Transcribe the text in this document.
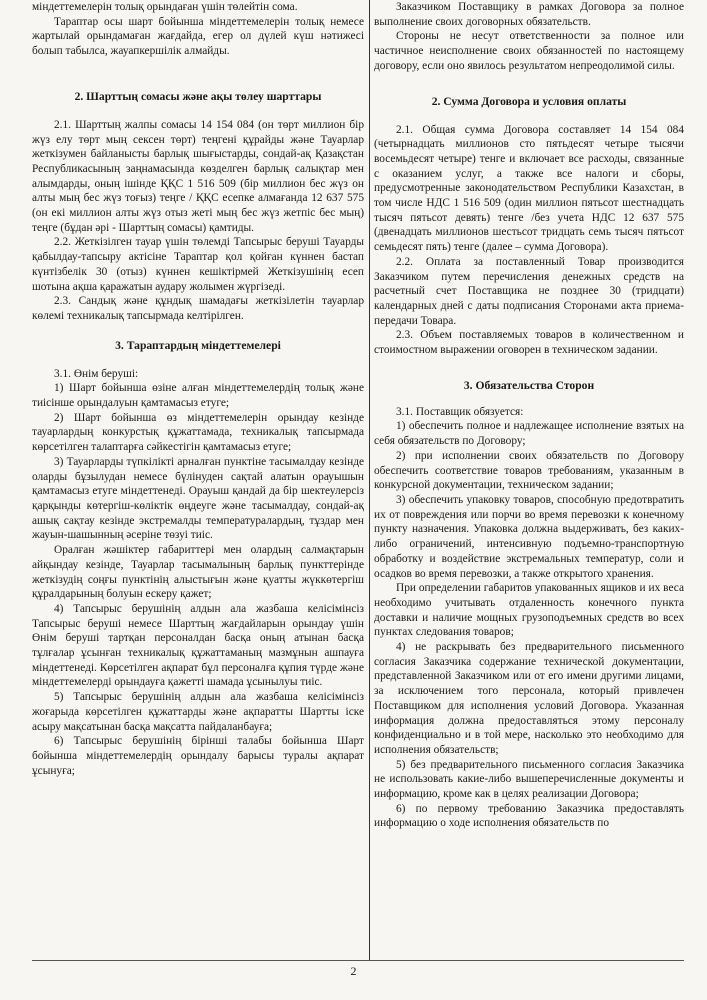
міндеттемелерін толық орындаған үшін төлейтін сома.

Тараптар осы шарт бойынша міндеттемелерін толық немесе жартылай орындамаған жағдайда, егер ол дүлей күш нәтижесі болып табылса, жауапкершілік алмайды.

2. Шарттың сомасы және ақы төлеу шарттары

2.1. Шарттың жалпы сомасы 14 154 084 (он төрт миллион бір жүз елу төрт мың сексен төрт) теңгені құрайды және Тауарлар жеткізумен байланысты барлық шығыстарды, сондай-ақ Қазақстан Республикасының заңнамасында көзделген барлық салықтар мен алымдарды, оның ішінде ҚҚС 1 516 509 (бір миллион бес жүз он алты мың бес жүз тоғыз) теңге / ҚҚС есепке алмағанда 12 637 575 (он екі миллион алты жүз отыз жеті мың бес жүз жетпіс бес мың) теңге (бұдан әрі - Шарттың сомасы) қамтиды.

2.2. Жеткізілген тауар үшін төлемді Тапсырыс беруші Тауарды қабылдау-тапсыру актісіне Тараптар қол қойған күннен бастап күнтізбелік 30 (отыз) күннен кешіктірмей Жеткізушінің есеп шотына ақша қаражатын аудару жолымен жүргізеді.

2.3. Сандық және құндық шамадағы жеткізілетін тауарлар көлемі техникалық тапсырмада келтірілген.

3. Тараптардың міндеттемелері

3.1. Өнім беруші:

1) Шарт бойынша өзіне алған міндеттемелердің толық және тиісінше орындалуын қамтамасыз етуге;

2) Шарт бойынша өз міндеттемелерін орындау кезінде тауарлардың конкурстық құжаттамада, техникалық тапсырмада көрсетілген талаптарға сәйкестігін қамтамасыз етуге;

3) Тауарларды түпкілікті арналған пунктіне тасымалдау кезінде оларды бұзылудан немесе бүлінуден сақтай алатын орауышын қамтамасыз етуге міндеттенеді. Орауыш қандай да бір шектеулерсіз қарқынды көтергіш-көліктік өңдеуге және тасымалдау, сондай-ақ ашық сақтау кезінде экстремалды температуралардың, тұздар мен жауын-шашынның әсеріне төзуі тиіс.

Оралған жәшіктер габариттері мен олардың салмақтарын айқындау кезінде, Тауарлар тасымалының барлық пункттерінде жеткізудің соңғы пунктінің алыстығын және қуатты жүккөтергіш құралдарының болуын ескеру қажет;

4) Тапсырыс берушінің алдын ала жазбаша келісімінсіз Тапсырыс беруші немесе Шарттың жағдайларын орындау үшін Өнім беруші тартқан персоналдан басқа оның атынан басқа тұлғалар ұсынған техникалық құжаттаманың мазмұнын ашпауға міндеттенеді. Көрсетілген ақпарат бұл персоналға құпия түрде және міндеттемелерді орындауға қажетті шамада ұсынылуы тиіс.

5) Тапсырыс берушінің алдын ала жазбаша келісімінсіз жоғарыда көрсетілген құжаттарды және ақпаратты Шартты іске асыру мақсатынан басқа мақсатта пайдаланбауға;

6) Тапсырыс берушінің бірінші талабы бойынша Шарт бойынша міндеттемелердің орындалу барысы туралы ақпарат ұсынуға;

Заказчиком Поставщику в рамках Договора за полное выполнение своих договорных обязательств.

Стороны не несут ответственности за полное или частичное неисполнение своих обязанностей по настоящему договору, если оно явилось результатом непреодолимой силы.

2. Сумма Договора и условия оплаты

2.1. Общая сумма Договора составляет 14 154 084 (четырнадцать миллионов сто пятьдесят четыре тысячи восемьдесят четыре) тенге и включает все расходы, связанные с оказанием услуг, а также все налоги и сборы, предусмотренные законодательством Республики Казахстан, в том числе НДС 1 516 509 (один миллион пятьсот шестнадцать тысяч пятьсот девять) тенге /без учета НДС 12 637 575 (двенадцать миллионов шестьсот тридцать семь тысяч пятьсот семьдесят пять) тенге (далее – сумма Договора).

2.2. Оплата за поставленный Товар производится Заказчиком путем перечисления денежных средств на расчетный счет Поставщика не позднее 30 (тридцати) календарных дней с даты подписания Сторонами акта приема-передачи Товара.

2.3. Объем поставляемых товаров в количественном и стоимостном выражении оговорен в техническом задании.

3. Обязательства Сторон

3.1. Поставщик обязуется:

1) обеспечить полное и надлежащее исполнение взятых на себя обязательств по Договору;

2) при исполнении своих обязательств по Договору обеспечить соответствие товаров требованиям, указанным в конкурсной документации, техническом задании;

3) обеспечить упаковку товаров, способную предотвратить их от повреждения или порчи во время перевозки к конечному пункту назначения. Упаковка должна выдерживать, без каких-либо ограничений, интенсивную подъемно-транспортную обработку и воздействие экстремальных температур, соли и осадков во время перевозки, а также открытого хранения.

При определении габаритов упакованных ящиков и их веса необходимо учитывать отдаленность конечного пункта доставки и наличие мощных грузоподъемных средств во всех пунктах следования товаров;

4) не раскрывать без предварительного письменного согласия Заказчика содержание технической документации, представленной Заказчиком или от его имени другими лицами, за исключением того персонала, который привлечен Поставщиком для исполнения условий Договора. Указанная информация должна предоставляться этому персоналу конфиденциально и в той мере, насколько это необходимо для исполнения обязательств;

5) без предварительного письменного согласия Заказчика не использовать какие-либо вышеперечисленные документы и информацию, кроме как в целях реализации Договора;

6) по первому требованию Заказчика предоставлять информацию о ходе исполнения обязательств по

2
